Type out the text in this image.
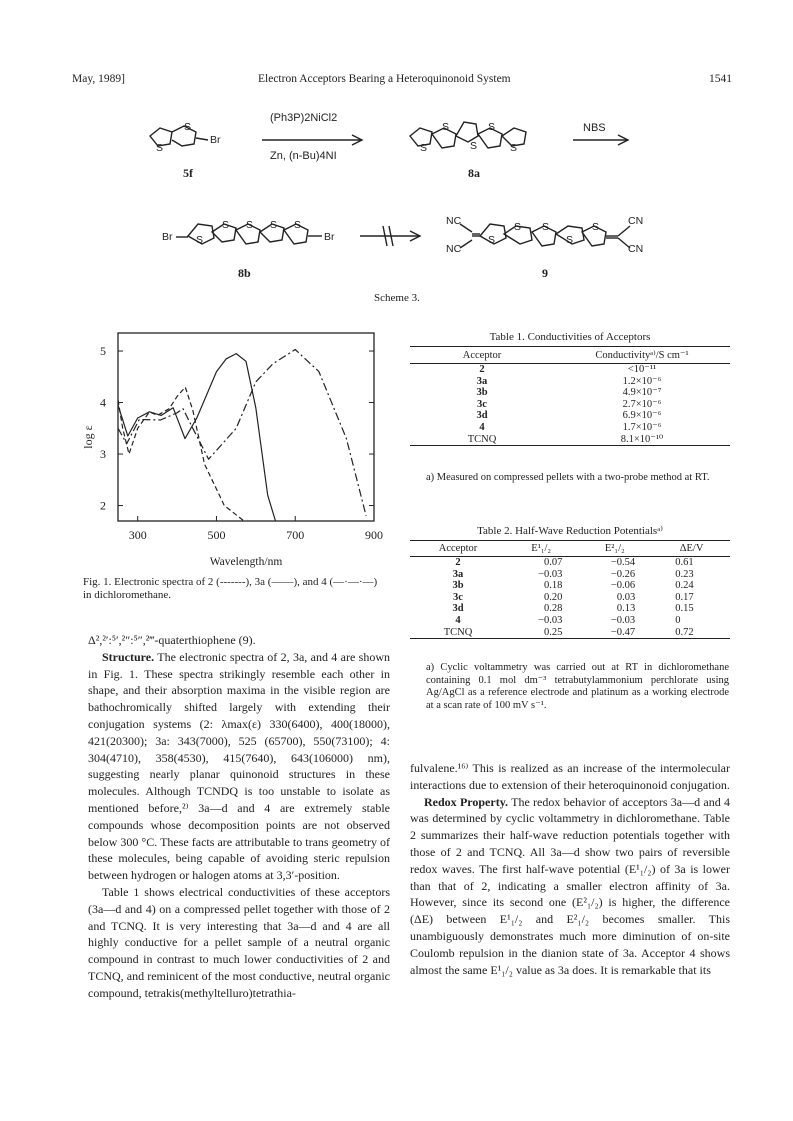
May, 1989]	Electron Acceptors Bearing a Heteroquinonoid System	1541
S
S
Br
S
S
S
S
S
Br S
S S S S
Br
NC
NC
S
S S
S
S	CN
CN
(Ph3P)2NiCl2
Zn, (n-Bu)4NI
NBS
5f	8a
8b	9
Scheme 3.
300	500	700	900
2
3
4
5
log ε
Wavelength/nm
Fig. 1. Electronic spectra of 2 (-------), 3a (——), and 4 (—·—·—) in dichloromethane.
Table 1. Conductivities of Acceptors
Acceptor	Conductivityᵃ⁾/S cm⁻¹
2	<10⁻¹¹
3a	1.2×10⁻⁶
3b	4.9×10⁻⁷
3c	2.7×10⁻⁶
3d	6.9×10⁻⁶
4	1.7×10⁻⁶
TCNQ	8.1×10⁻¹⁰

a) Measured on compressed pellets with a two-probe method at RT.
Table 2. Half-Wave Reduction Potentialsᵃ⁾
Acceptor	E¹₁/₂	E²₁/₂	ΔE/V
2	0.07	−0.54	0.61
3a	−0.03	−0.26	0.23
3b	0.18	−0.06	0.24
3c	0.20	0.03	0.17
3d	0.28	0.13	0.15
4	−0.03	−0.03	0
TCNQ	0.25	−0.47	0.72

a) Cyclic voltammetry was carried out at RT in dichloromethane containing 0.1 mol dm⁻³ tetrabutylammonium perchlorate using Ag/AgCl as a reference electrode and platinum as a working electrode at a scan rate of 100 mV s⁻¹.

Δ²,²′:⁵′,²″:⁵″,²‴-quaterthiophene (9).

Structure. The electronic spectra of 2, 3a, and 4 are shown in Fig. 1. These spectra strikingly resemble each other in shape, and their absorption maxima in the visible region are bathochromically shifted largely with extending their conjugation systems (2: λmax(ε) 330(6400), 400(18000), 421(20300); 3a: 343(7000), 525 (65700), 550(73100); 4: 304(4710), 358(4530), 415(7640), 643(106000) nm), suggesting nearly planar quinonoid structures in these molecules. Although TCNDQ is too unstable to isolate as mentioned before,²⁾ 3a—d and 4 are extremely stable compounds whose decomposition points are not observed below 300 °C. These facts are attributable to trans geometry of these molecules, being capable of avoiding steric repulsion between hydrogen or halogen atoms at 3,3′-position.

Table 1 shows electrical conductivities of these acceptors (3a—d and 4) on a compressed pellet together with those of 2 and TCNQ. It is very interesting that 3a—d and 4 are all highly conductive for a pellet sample of a neutral organic compound in contrast to much lower conductivities of 2 and TCNQ, and reminicent of the most conductive, neutral organic compound, tetrakis(methyltelluro)tetrathia-

fulvalene.¹⁶⁾ This is realized as an increase of the intermolecular interactions due to extension of their heteroquinonoid conjugation.

Redox Property. The redox behavior of acceptors 3a—d and 4 was determined by cyclic voltammetry in dichloromethane. Table 2 summarizes their half-wave reduction potentials together with those of 2 and TCNQ. All 3a—d show two pairs of reversible redox waves. The first half-wave potential (E¹₁/₂) of 3a is lower than that of 2, indicating a smaller electron affinity of 3a. However, since its second one (E²₁/₂) is higher, the difference (ΔE) between E¹₁/₂ and E²₁/₂ becomes smaller. This unambiguously demonstrates much more diminution of on-site Coulomb repulsion in the dianion state of 3a. Acceptor 4 shows almost the same E¹₁/₂ value as 3a does. It is remarkable that its
